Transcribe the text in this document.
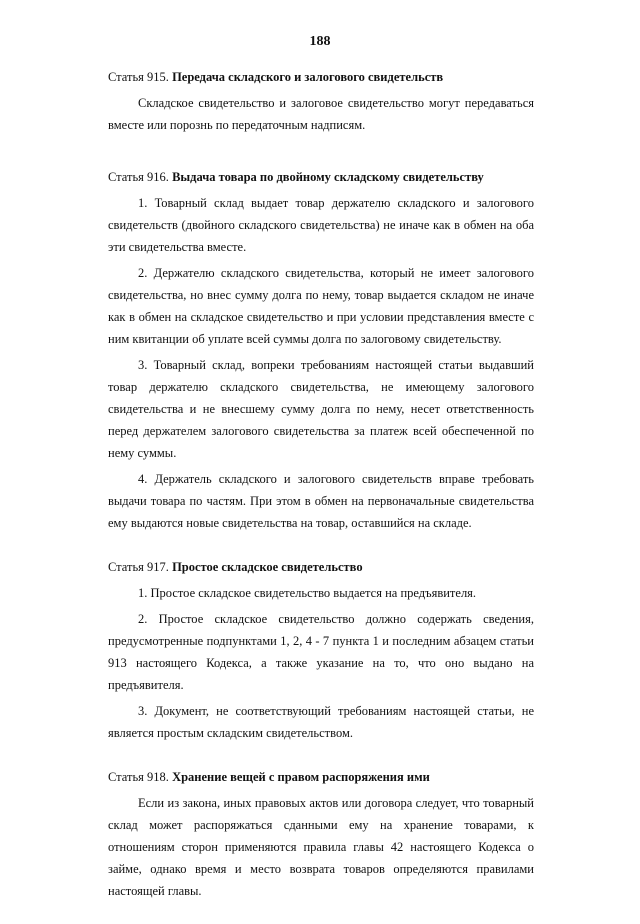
188

Статья 915. Передача складского и залогового свидетельств

Складское свидетельство и залоговое свидетельство могут передаваться вместе или порознь по передаточным надписям.

Статья 916. Выдача товара по двойному складскому свидетельству

1. Товарный склад выдает товар держателю складского и залогового свидетельств (двойного складского свидетельства) не иначе как в обмен на оба эти свидетельства вместе.

2. Держателю складского свидетельства, который не имеет залогового свидетельства, но внес сумму долга по нему, товар выдается складом не иначе как в обмен на складское свидетельство и при условии представления вместе с ним квитанции об уплате всей суммы долга по залоговому свидетельству.

3. Товарный склад, вопреки требованиям настоящей статьи выдавший товар держателю складского свидетельства, не имеющему залогового свидетельства и не внесшему сумму долга по нему, несет ответственность перед держателем залогового свидетельства за платеж всей обеспеченной по нему суммы.

4. Держатель складского и залогового свидетельств вправе требовать выдачи товара по частям. При этом в обмен на первоначальные свидетельства ему выдаются новые свидетельства на товар, оставшийся на складе.

Статья 917. Простое складское свидетельство

1. Простое складское свидетельство выдается на предъявителя.

2. Простое складское свидетельство должно содержать сведения, предусмотренные подпунктами 1, 2, 4 - 7 пункта 1 и последним абзацем статьи 913 настоящего Кодекса, а также указание на то, что оно выдано на предъявителя.

3. Документ, не соответствующий требованиям настоящей статьи, не является простым складским свидетельством.

Статья 918. Хранение вещей с правом распоряжения ими

Если из закона, иных правовых актов или договора следует, что товарный склад может распоряжаться сданными ему на хранение товарами, к отношениям сторон применяются правила главы 42 настоящего Кодекса о займе, однако время и место возврата товаров определяются правилами настоящей главы.
